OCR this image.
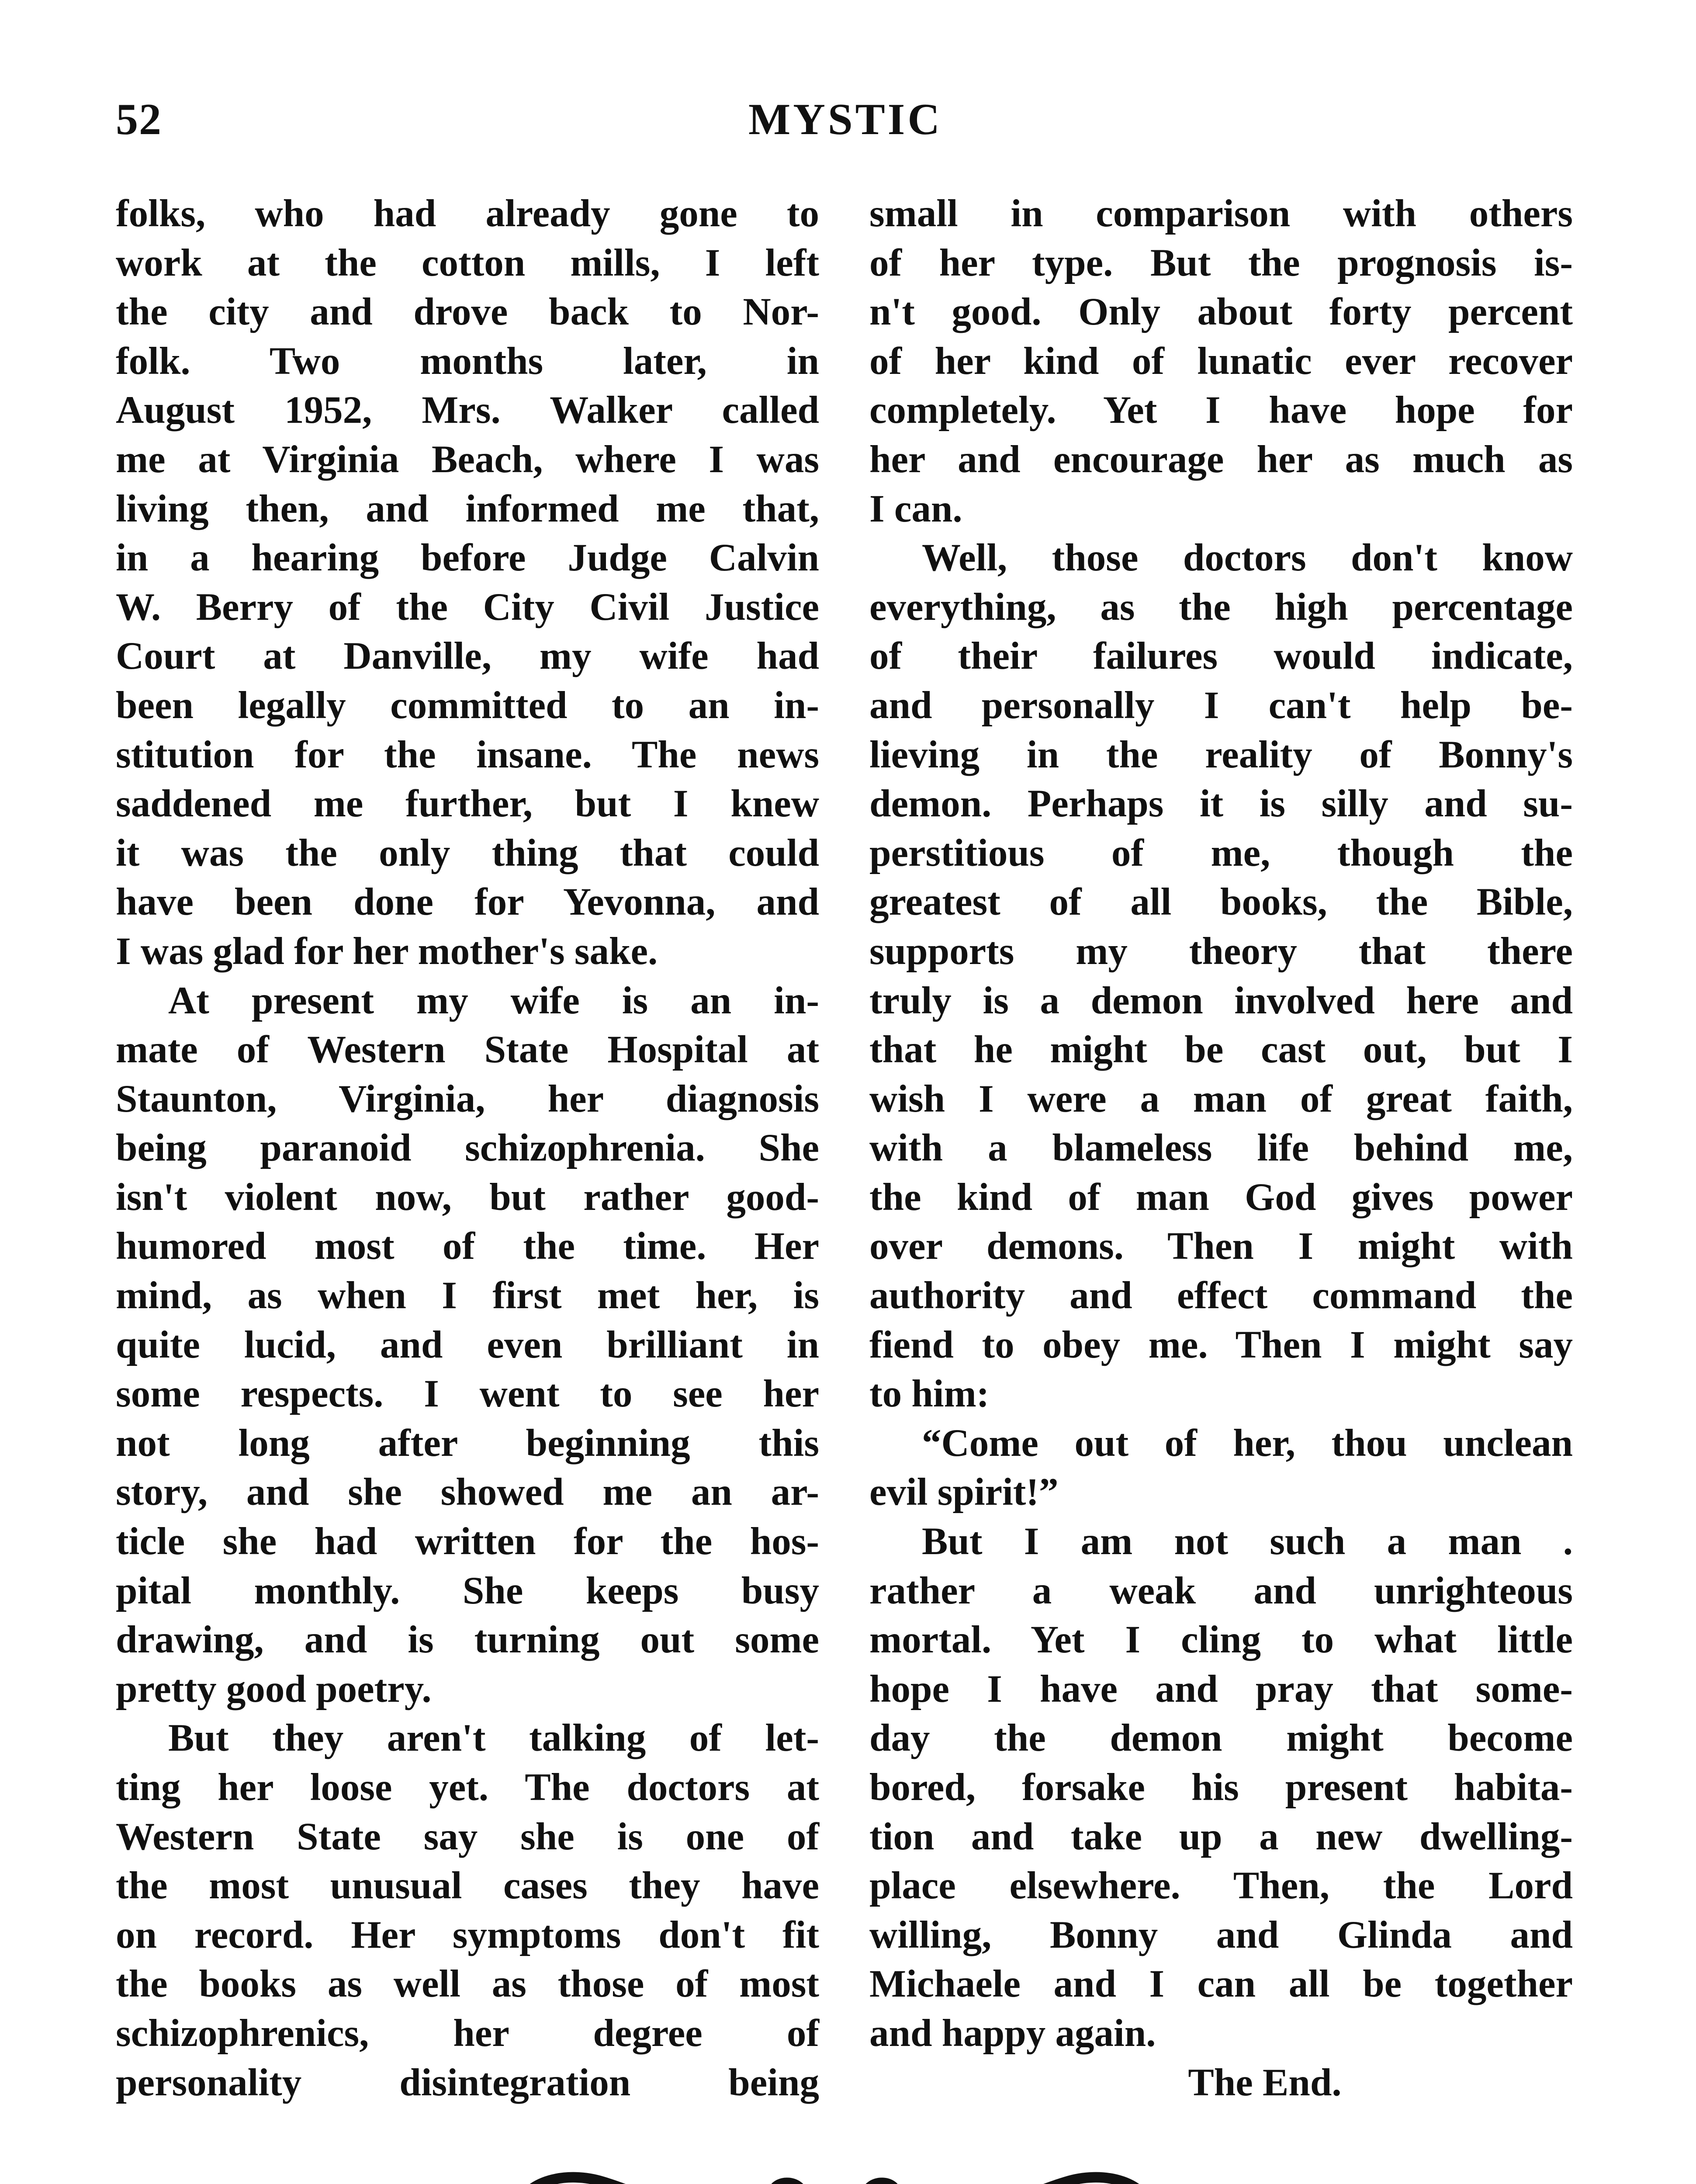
52	MYSTIC
folks, who had already gone to
work at the cotton mills, I left
the city and drove back to Nor-
folk. Two months later, in
August 1952, Mrs. Walker called
me at Virginia Beach, where I was
living then, and informed me that,
in a hearing before Judge Calvin
W. Berry of the City Civil Justice
Court at Danville, my wife had
been legally committed to an in-
stitution for the insane. The news
saddened me further, but I knew
it was the only thing that could
have been done for Yevonna, and
I was glad for her mother's sake.
At present my wife is an in-
mate of Western State Hospital at
Staunton, Virginia, her diagnosis
being paranoid schizophrenia. She
isn't violent now, but rather good-
humored most of the time. Her
mind, as when I first met her, is
quite lucid, and even brilliant in
some respects. I went to see her
not long after beginning this
story, and she showed me an ar-
ticle she had written for the hos-
pital monthly. She keeps busy
drawing, and is turning out some
pretty good poetry.
But they aren't talking of let-
ting her loose yet. The doctors at
Western State say she is one of
the most unusual cases they have
on record. Her symptoms don't fit
the books as well as those of most
schizophrenics, her degree of
personality disintegration being
small in comparison with others
of her type. But the prognosis is-
n't good. Only about forty percent
of her kind of lunatic ever recover
completely. Yet I have hope for
her and encourage her as much as
I can.
Well, those doctors don't know
everything, as the high percentage
of their failures would indicate,
and personally I can't help be-
lieving in the reality of Bonny's
demon. Perhaps it is silly and su-
perstitious of me, though the
greatest of all books, the Bible,
supports my theory that there
truly is a demon involved here and
that he might be cast out, but I
wish I were a man of great faith,
with a blameless life behind me,
the kind of man God gives power
over demons. Then I might with
authority and effect command the
fiend to obey me. Then I might say
to him:
“Come out of her, thou unclean
evil spirit!”
But I am not such a man .
rather a weak and unrighteous
mortal. Yet I cling to what little
hope I have and pray that some-
day the demon might become
bored, forsake his present habita-
tion and take up a new dwelling-
place elsewhere. Then, the Lord
willing, Bonny and Glinda and
Michaele and I can all be together
and happy again.
The End.
